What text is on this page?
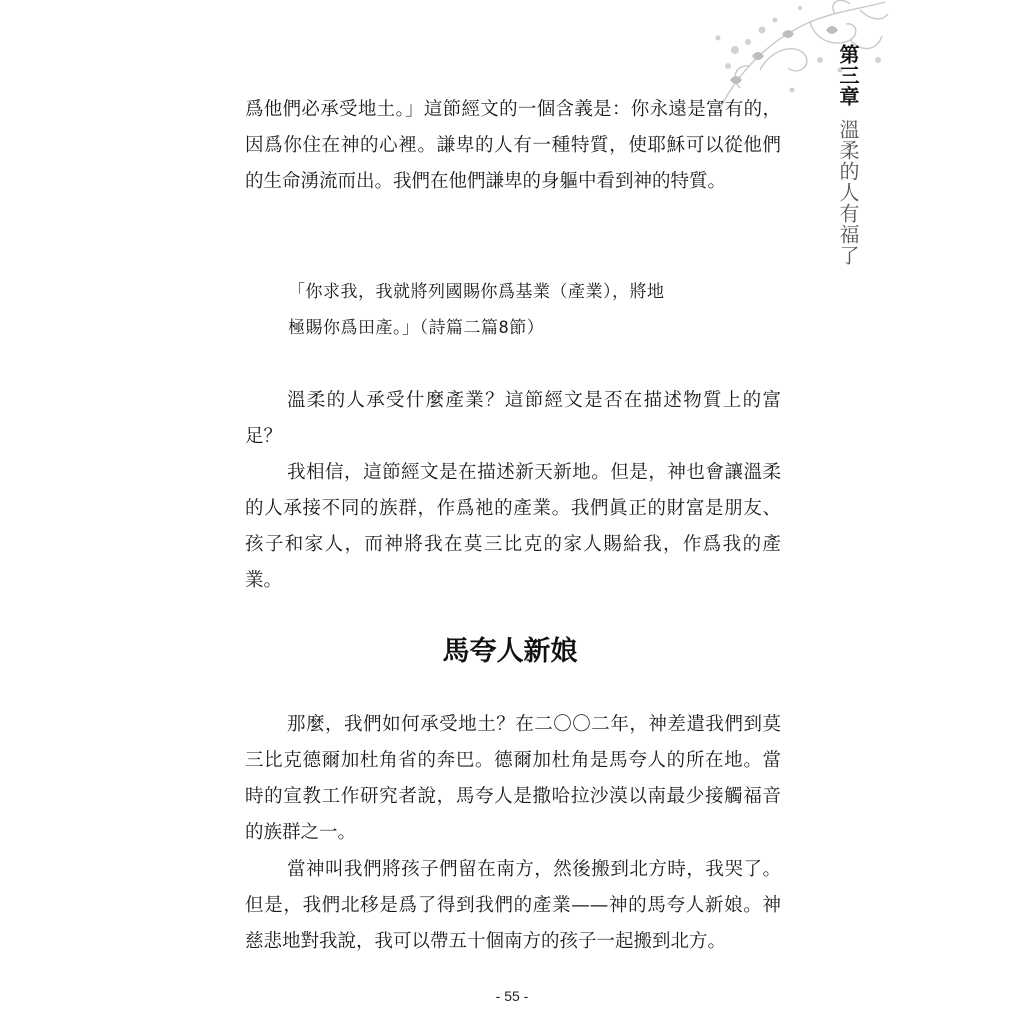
第三章溫柔的人有福了

爲他們必承受地土。」這節經文的一個含義是：你永遠是富有的，因爲你住在神的心裡。謙卑的人有一種特質，使耶穌可以從他們的生命湧流而出。我們在他們謙卑的身軀中看到神的特質。

「你求我，我就將列國賜你爲基業（產業），將地

極賜你爲田產。」（詩篇二篇8節）

溫柔的人承受什麼產業？這節經文是否在描述物質上的富足？

我相信，這節經文是在描述新天新地。但是，神也會讓溫柔的人承接不同的族群，作爲祂的產業。我們眞正的財富是朋友、孩子和家人，而神將我在莫三比克的家人賜給我，作爲我的產業。

馬夸人新娘

那麼，我們如何承受地土？在二〇〇二年，神差遣我們到莫三比克德爾加杜角省的奔巴。德爾加杜角是馬夸人的所在地。當時的宣教工作研究者說，馬夸人是撒哈拉沙漠以南最少接觸福音的族群之一。

當神叫我們將孩子們留在南方，然後搬到北方時，我哭了。但是，我們北移是爲了得到我們的產業——神的馬夸人新娘。神慈悲地對我說，我可以帶五十個南方的孩子一起搬到北方。

- 55 -
